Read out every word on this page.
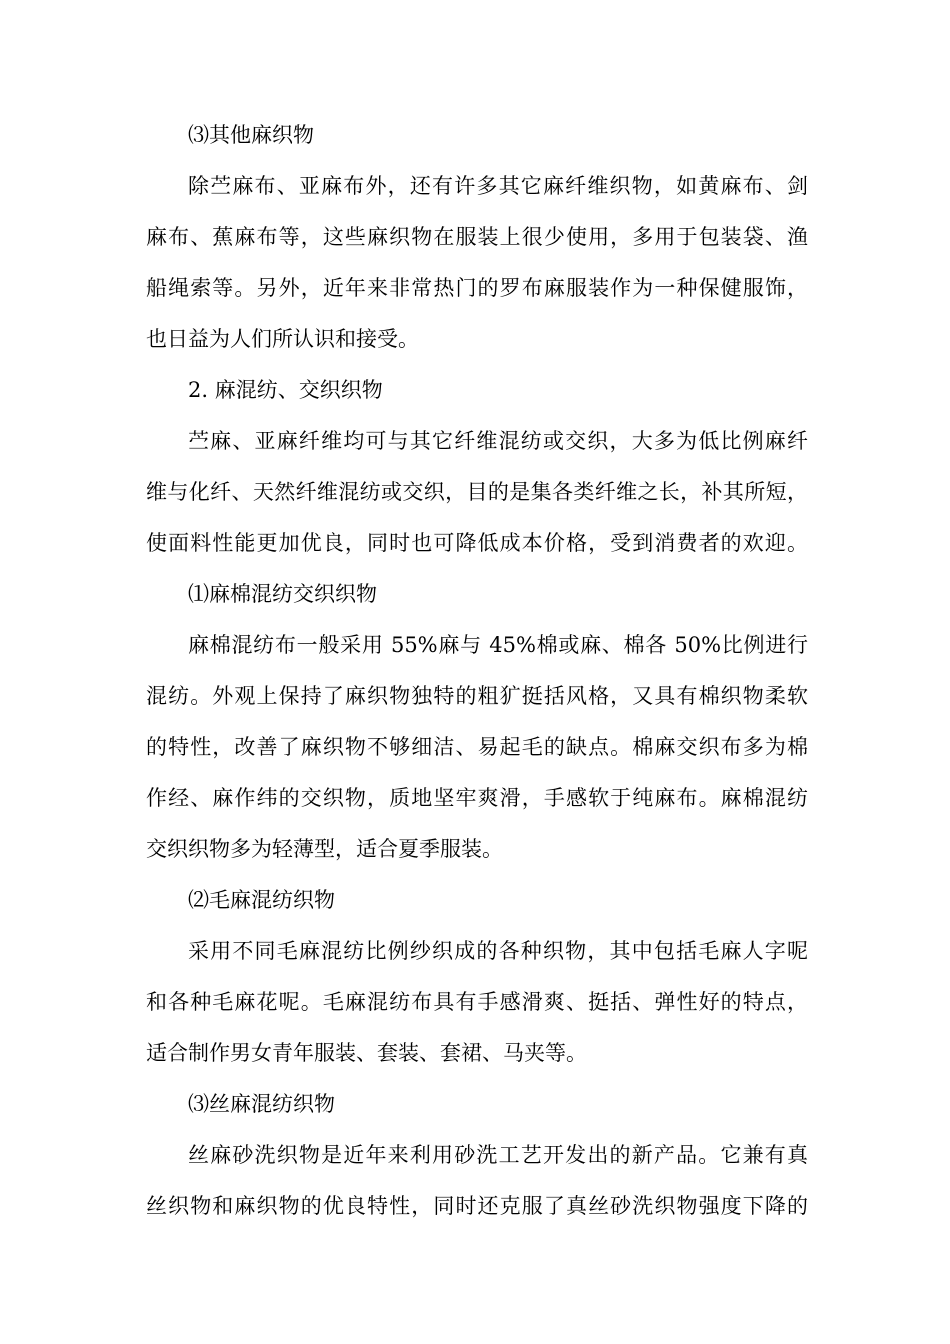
⑶其他麻织物
除苎麻布、亚麻布外，还有许多其它麻纤维织物，如黄麻布、剑
麻布、蕉麻布等，这些麻织物在服装上很少使用，多用于包装袋、渔
船绳索等。另外，近年来非常热门的罗布麻服装作为一种保健服饰，
也日益为人们所认识和接受。
2. 麻混纺、交织织物
苎麻、亚麻纤维均可与其它纤维混纺或交织，大多为低比例麻纤
维与化纤、天然纤维混纺或交织，目的是集各类纤维之长，补其所短，
使面料性能更加优良，同时也可降低成本价格，受到消费者的欢迎。
⑴麻棉混纺交织织物
麻棉混纺布一般采用 55%麻与 45%棉或麻、棉各 50%比例进行
混纺。外观上保持了麻织物独特的粗犷挺括风格，又具有棉织物柔软
的特性，改善了麻织物不够细洁、易起毛的缺点。棉麻交织布多为棉
作经、麻作纬的交织物，质地坚牢爽滑，手感软于纯麻布。麻棉混纺
交织织物多为轻薄型，适合夏季服装。
⑵毛麻混纺织物
采用不同毛麻混纺比例纱织成的各种织物，其中包括毛麻人字呢
和各种毛麻花呢。毛麻混纺布具有手感滑爽、挺括、弹性好的特点，
适合制作男女青年服装、套装、套裙、马夹等。
⑶丝麻混纺织物
丝麻砂洗织物是近年来利用砂洗工艺开发出的新产品。它兼有真
丝织物和麻织物的优良特性，同时还克服了真丝砂洗织物强度下降的
